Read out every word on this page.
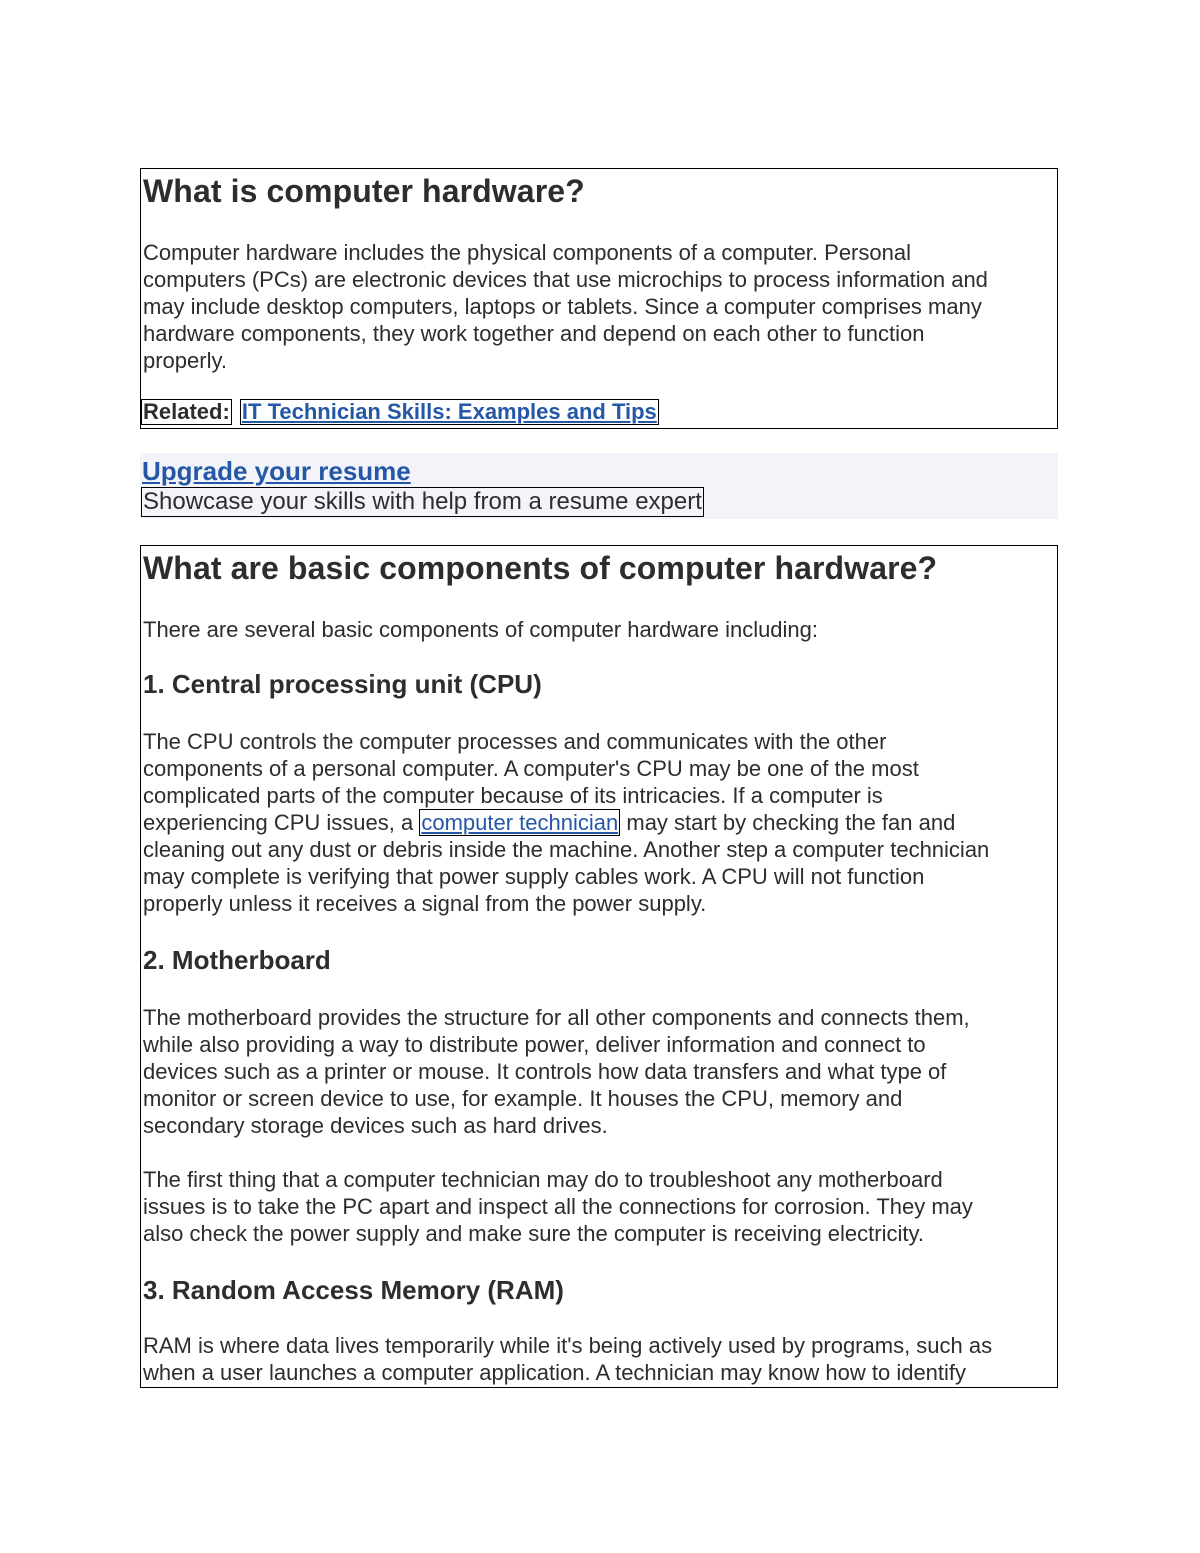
What is computer hardware?
Computer hardware includes the physical components of a computer. Personal
computers (PCs) are electronic devices that use microchips to process information and
may include desktop computers, laptops or tablets. Since a computer comprises many
hardware components, they work together and depend on each other to function
properly.
Related: IT Technician Skills: Examples and Tips
Upgrade your resume
Showcase your skills with help from a resume expert
What are basic components of computer hardware?

There are several basic components of computer hardware including:

1. Central processing unit (CPU)
The CPU controls the computer processes and communicates with the other
components of a personal computer. A computer's CPU may be one of the most
complicated parts of the computer because of its intricacies. If a computer is
experiencing CPU issues, a computer technician may start by checking the fan and
cleaning out any dust or debris inside the machine. Another step a computer technician
may complete is verifying that power supply cables work. A CPU will not function
properly unless it receives a signal from the power supply.
2. Motherboard
The motherboard provides the structure for all other components and connects them,
while also providing a way to distribute power, deliver information and connect to
devices such as a printer or mouse. It controls how data transfers and what type of
monitor or screen device to use, for example. It houses the CPU, memory and
secondary storage devices such as hard drives.
The first thing that a computer technician may do to troubleshoot any motherboard
issues is to take the PC apart and inspect all the connections for corrosion. They may
also check the power supply and make sure the computer is receiving electricity.
3. Random Access Memory (RAM)
RAM is where data lives temporarily while it's being actively used by programs, such as
when a user launches a computer application. A technician may know how to identify
